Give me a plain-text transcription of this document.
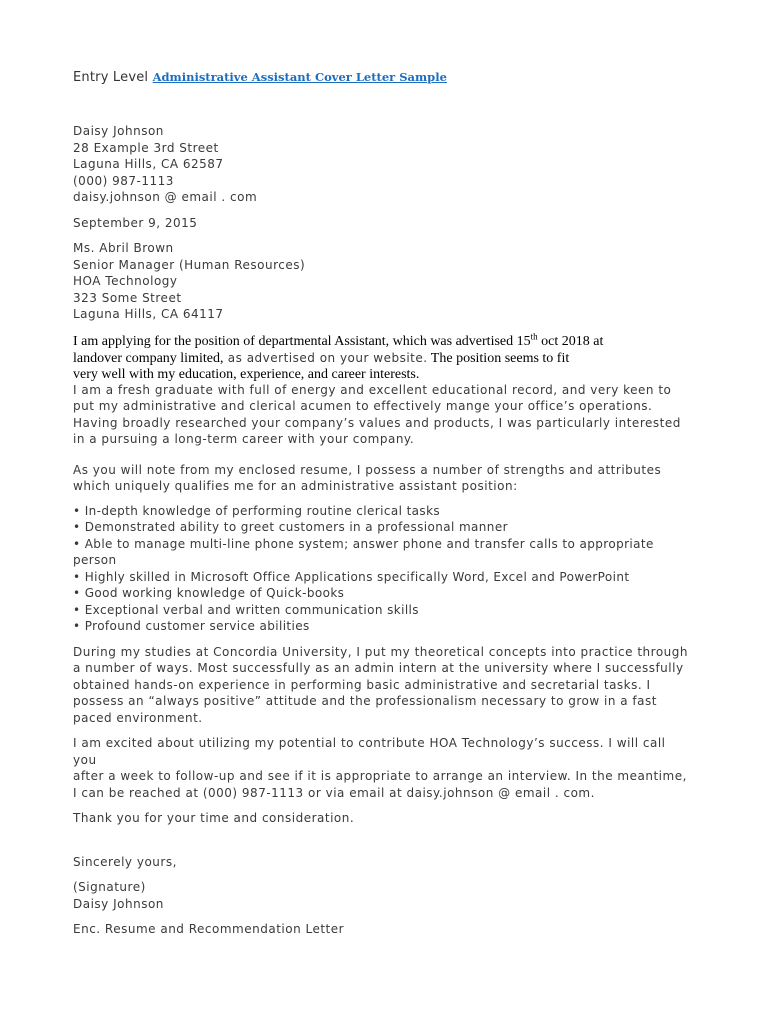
Entry Level Administrative Assistant Cover Letter Sample
Daisy Johnson
28 Example 3rd Street
Laguna Hills, CA 62587
(000) 987-1113
daisy.johnson @ email . com
September 9, 2015
Ms. Abril Brown
Senior Manager (Human Resources)
HOA Technology
323 Some Street
Laguna Hills, CA 64117
I am applying for the position of departmental Assistant, which was advertised 15th oct 2018 at
landover company limited, as advertised on your website. The position seems to fit
very well with my education, experience, and career interests.
I am a fresh graduate with full of energy and excellent educational record, and very keen to
put my administrative and clerical acumen to effectively mange your office’s operations.
Having broadly researched your company’s values and products, I was particularly interested
in a pursuing a long-term career with your company.
As you will note from my enclosed resume, I possess a number of strengths and attributes
which uniquely qualifies me for an administrative assistant position:
• In-depth knowledge of performing routine clerical tasks
• Demonstrated ability to greet customers in a professional manner
• Able to manage multi-line phone system; answer phone and transfer calls to appropriate
person
• Highly skilled in Microsoft Office Applications specifically Word, Excel and PowerPoint
• Good working knowledge of Quick-books
• Exceptional verbal and written communication skills
• Profound customer service abilities
During my studies at Concordia University, I put my theoretical concepts into practice through
a number of ways. Most successfully as an admin intern at the university where I successfully
obtained hands-on experience in performing basic administrative and secretarial tasks. I
possess an “always positive” attitude and the professionalism necessary to grow in a fast
paced environment.
I am excited about utilizing my potential to contribute HOA Technology’s success. I will call you
after a week to follow-up and see if it is appropriate to arrange an interview. In the meantime,
I can be reached at (000) 987-1113 or via email at daisy.johnson @ email . com.
Thank you for your time and consideration.
Sincerely yours,
(Signature)
Daisy Johnson
Enc. Resume and Recommendation Letter
